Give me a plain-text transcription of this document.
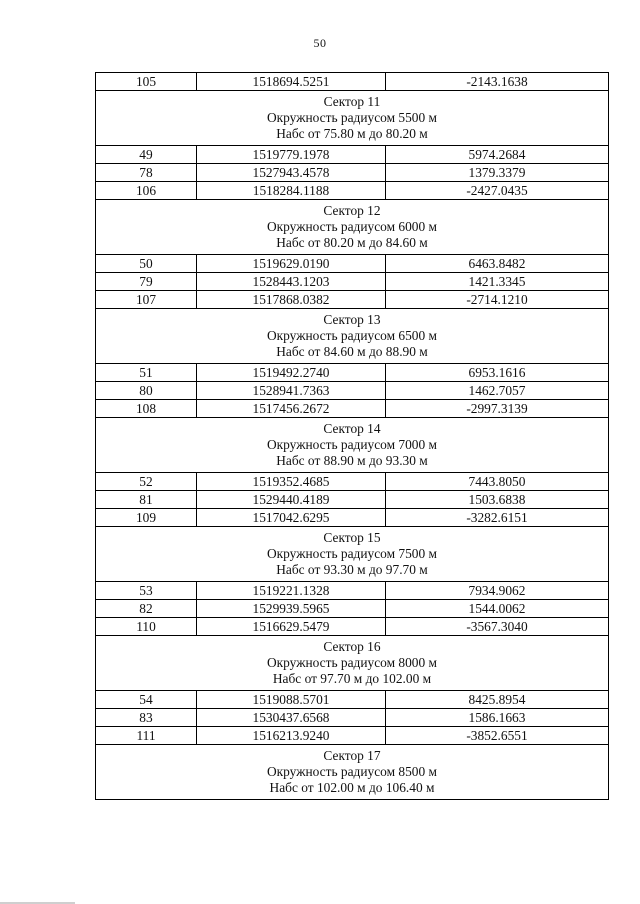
50
105	1518694.5251	-2143.1638

Сектор 11
Окружность радиусом 5500 м
Набс от 75.80 м до 80.20 м		

49	1519779.1978	5974.2684
78	1527943.4578	1379.3379
106	1518284.1188	-2427.0435

Сектор 12
Окружность радиусом 6000 м
Набс от 80.20 м до 84.60 м		

50	1519629.0190	6463.8482
79	1528443.1203	1421.3345
107	1517868.0382	-2714.1210

Сектор 13
Окружность радиусом 6500 м
Набс от 84.60 м до 88.90 м		

51	1519492.2740	6953.1616
80	1528941.7363	1462.7057
108	1517456.2672	-2997.3139

Сектор 14
Окружность радиусом 7000 м
Набс от 88.90 м до 93.30 м		

52	1519352.4685	7443.8050
81	1529440.4189	1503.6838
109	1517042.6295	-3282.6151

Сектор 15
Окружность радиусом 7500 м
Набс от 93.30 м до 97.70 м		

53	1519221.1328	7934.9062
82	1529939.5965	1544.0062
110	1516629.5479	-3567.3040

Сектор 16
Окружность радиусом 8000 м
Набс от 97.70 м до 102.00 м		

54	1519088.5701	8425.8954
83	1530437.6568	1586.1663
111	1516213.9240	-3852.6551

Сектор 17
Окружность радиусом 8500 м
Набс от 102.00 м до 106.40 м		
